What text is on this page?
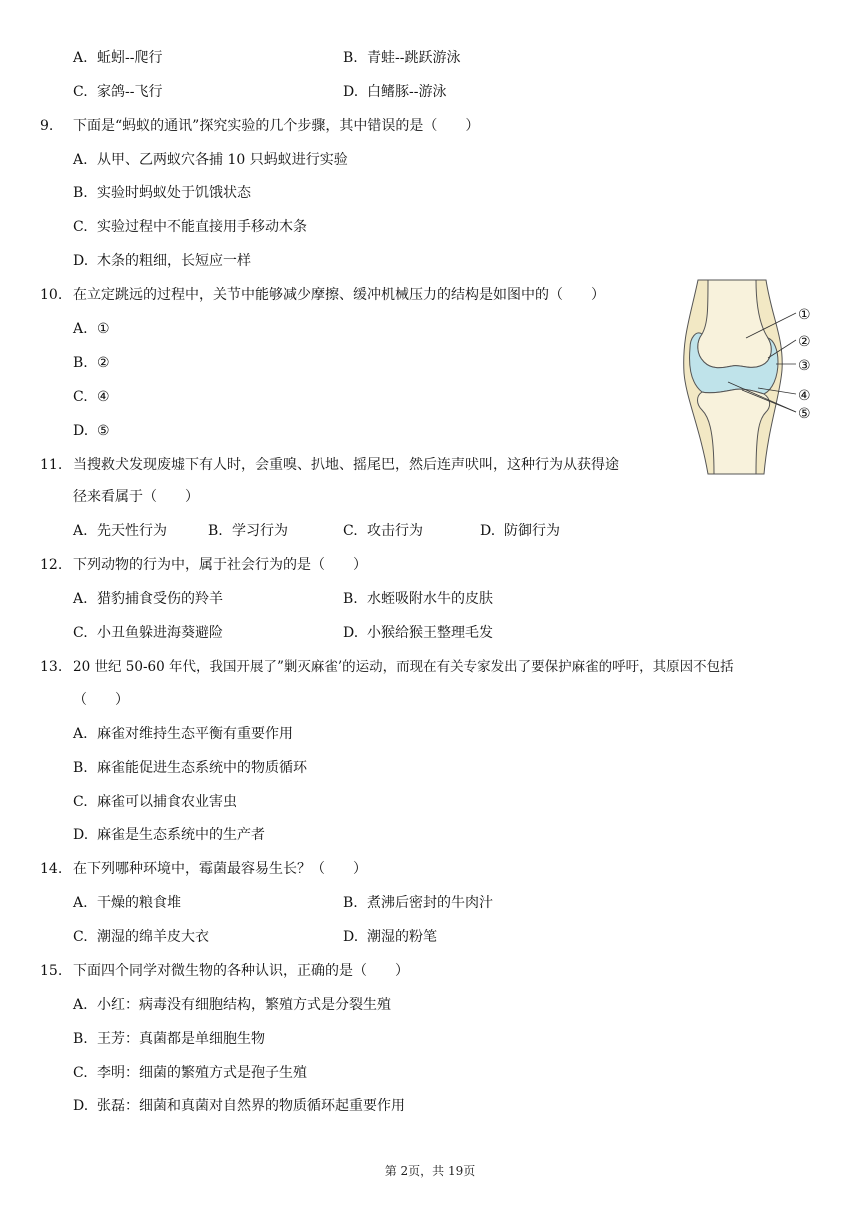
A. 蚯蚓--爬行	B. 青蛙--跳跃游泳
C. 家鸽--飞行	D. 白鳍豚--游泳
9. 下面是“蚂蚁的通讯”探究实验的几个步骤，其中错误的是（　　）
A. 从甲、乙两蚁穴各捕 10 只蚂蚁进行实验
B. 实验时蚂蚁处于饥饿状态
C. 实验过程中不能直接用手移动木条
D. 木条的粗细，长短应一样
10. 在立定跳远的过程中，关节中能够减少摩擦、缓冲机械压力的结构是如图中的（　　）
A. ①
B. ②
C. ④
D. ⑤
①
②
③
④
⑤
11. 当搜救犬发现废墟下有人时，会重嗅、扒地、摇尾巴，然后连声吠叫，这种行为从获得途
径来看属于（　　）
A. 先天性行为	B. 学习行为	C. 攻击行为	D. 防御行为
12. 下列动物的行为中，属于社会行为的是（　　）
A. 猎豹捕食受伤的羚羊	B. 水蛭吸附水牛的皮肤
C. 小丑鱼躲进海葵避险	D. 小猴给猴王整理毛发
13. 20 世纪 50-60 年代，我国开展了”剿灭麻雀’的运动，而现在有关专家发出了要保护麻雀的呼吁，其原因不包括
（　　）
A. 麻雀对维持生态平衡有重要作用
B. 麻雀能促进生态系统中的物质循环
C. 麻雀可以捕食农业害虫
D. 麻雀是生态系统中的生产者
14. 在下列哪种环境中，霉菌最容易生长？（　　）
A. 干燥的粮食堆	B. 煮沸后密封的牛肉汁
C. 潮湿的绵羊皮大衣	D. 潮湿的粉笔
15. 下面四个同学对微生物的各种认识，正确的是（　　）
A. 小红：病毒没有细胞结构，繁殖方式是分裂生殖
B. 王芳：真菌都是单细胞生物
C. 李明：细菌的繁殖方式是孢子生殖
D. 张磊：细菌和真菌对自然界的物质循环起重要作用
第 2页，共 19页
